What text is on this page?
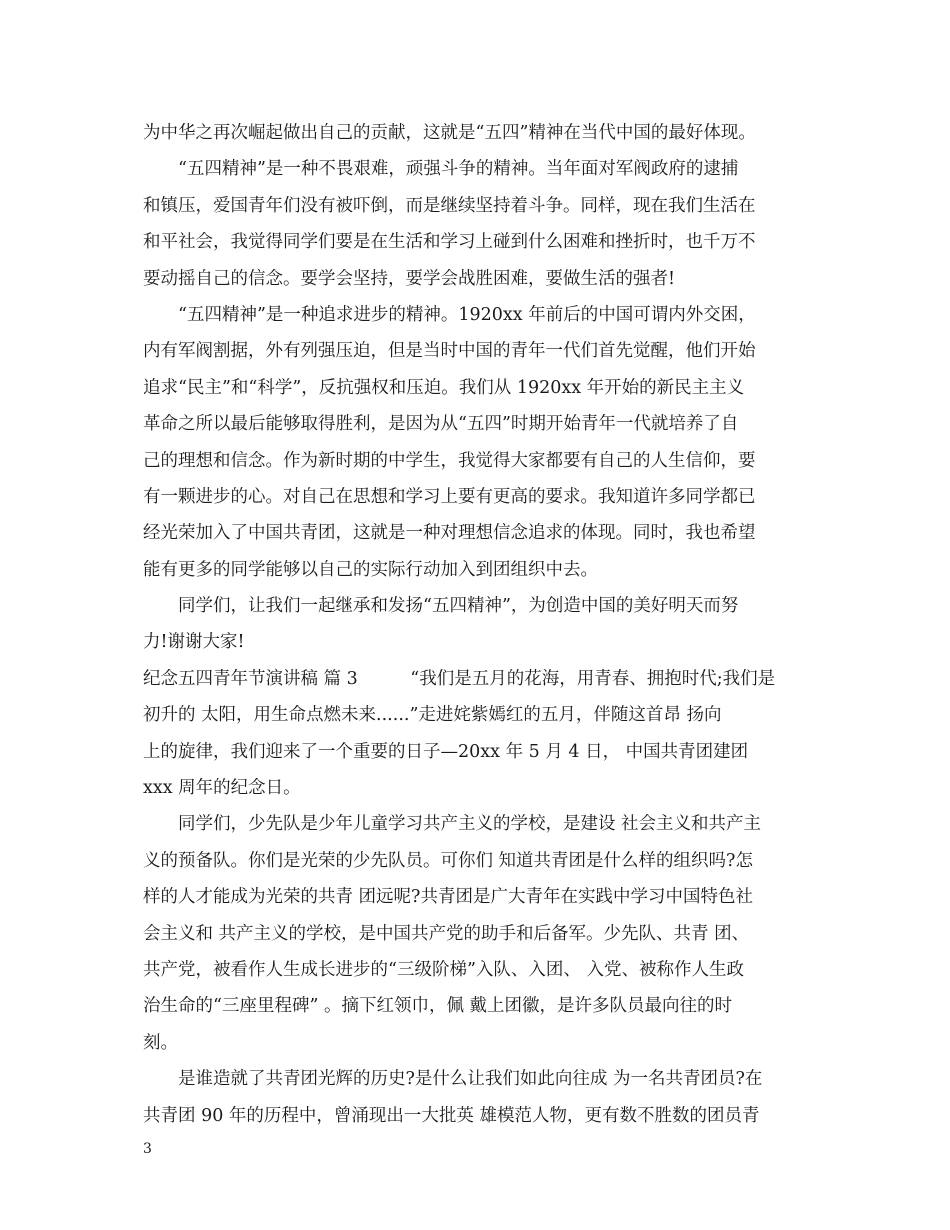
为中华之再次崛起做出自己的贡献，这就是“五四”精神在当代中国的最好体现。
　　“五四精神”是一种不畏艰难，顽强斗争的精神。当年面对军阀政府的逮捕
和镇压，爱国青年们没有被吓倒，而是继续坚持着斗争。同样，现在我们生活在
和平社会，我觉得同学们要是在生活和学习上碰到什么困难和挫折时，也千万不
要动摇自己的信念。要学会坚持，要学会战胜困难，要做生活的强者!
　　“五四精神”是一种追求进步的精神。1920xx 年前后的中国可谓内外交困，
内有军阀割据，外有列强压迫，但是当时中国的青年一代们首先觉醒，他们开始
追求“民主”和“科学”，反抗强权和压迫。我们从 1920xx 年开始的新民主主义
革命之所以最后能够取得胜利，是因为从“五四”时期开始青年一代就培养了自
己的理想和信念。作为新时期的中学生，我觉得大家都要有自己的人生信仰，要
有一颗进步的心。对自己在思想和学习上要有更高的要求。我知道许多同学都已
经光荣加入了中国共青团，这就是一种对理想信念追求的体现。同时，我也希望
能有更多的同学能够以自己的实际行动加入到团组织中去。
　　同学们，让我们一起继承和发扬“五四精神”，为创造中国的美好明天而努
力!谢谢大家!
纪念五四青年节演讲稿 篇 3　　　“我们是五月的花海，用青春、拥抱时代;我们是
初升的 太阳，用生命点燃未来......”走进姹紫嫣红的五月，伴随这首昂 扬向
上的旋律，我们迎来了一个重要的日子—20xx 年 5 月 4 日， 中国共青团建团
xxx 周年的纪念日。
　　同学们，少先队是少年儿童学习共产主义的学校，是建设 社会主义和共产主
义的预备队。你们是光荣的少先队员。可你们 知道共青团是什么样的组织吗?怎
样的人才能成为光荣的共青 团远呢?共青团是广大青年在实践中学习中国特色社
会主义和 共产主义的学校，是中国共产党的助手和后备军。少先队、共青 团、
共产党，被看作人生成长进步的“三级阶梯”入队、入团、 入党、被称作人生政
治生命的“三座里程碑” 。摘下红领巾，佩 戴上团徽，是许多队员最向往的时
刻。
　　是谁造就了共青团光辉的历史?是什么让我们如此向往成 为一名共青团员?在
共青团 90 年的历程中，曾涌现出一大批英 雄模范人物，更有数不胜数的团员青
3
